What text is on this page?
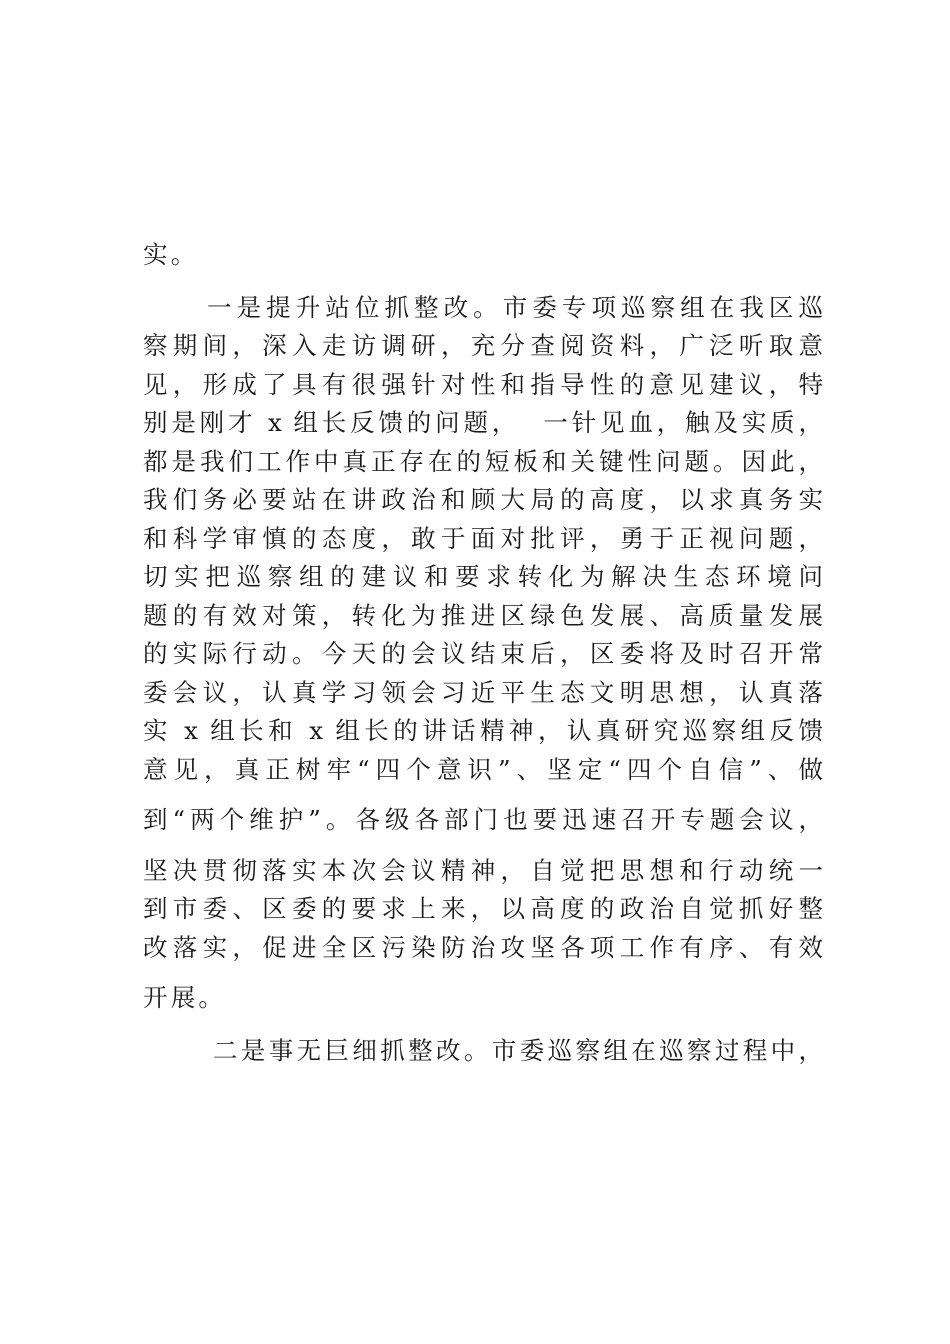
实。
一是提升站位抓整改。市委专项巡察组在我区巡
察期间，深入走访调研，充分查阅资料，广泛听取意
见，形成了具有很强针对性和指导性的意见建议，特
别是刚才 x 组长反馈的问题，  一针见血，触及实质，
都是我们工作中真正存在的短板和关键性问题。因此，
我们务必要站在讲政治和顾大局的高度，以求真务实
和科学审慎的态度，敢于面对批评，勇于正视问题，
切实把巡察组的建议和要求转化为解决生态环境问
题的有效对策，转化为推进区绿色发展、高质量发展
的实际行动。今天的会议结束后，区委将及时召开常
委会议，认真学习领会习近平生态文明思想，认真落
实 x 组长和 x 组长的讲话精神，认真研究巡察组反馈
意见，真正树牢“四个意识”、坚定“四个自信”、做
到“两个维护”。各级各部门也要迅速召开专题会议，
坚决贯彻落实本次会议精神，自觉把思想和行动统一
到市委、区委的要求上来，以高度的政治自觉抓好整
改落实，促进全区污染防治攻坚各项工作有序、有效
开展。
二是事无巨细抓整改。市委巡察组在巡察过程中，
